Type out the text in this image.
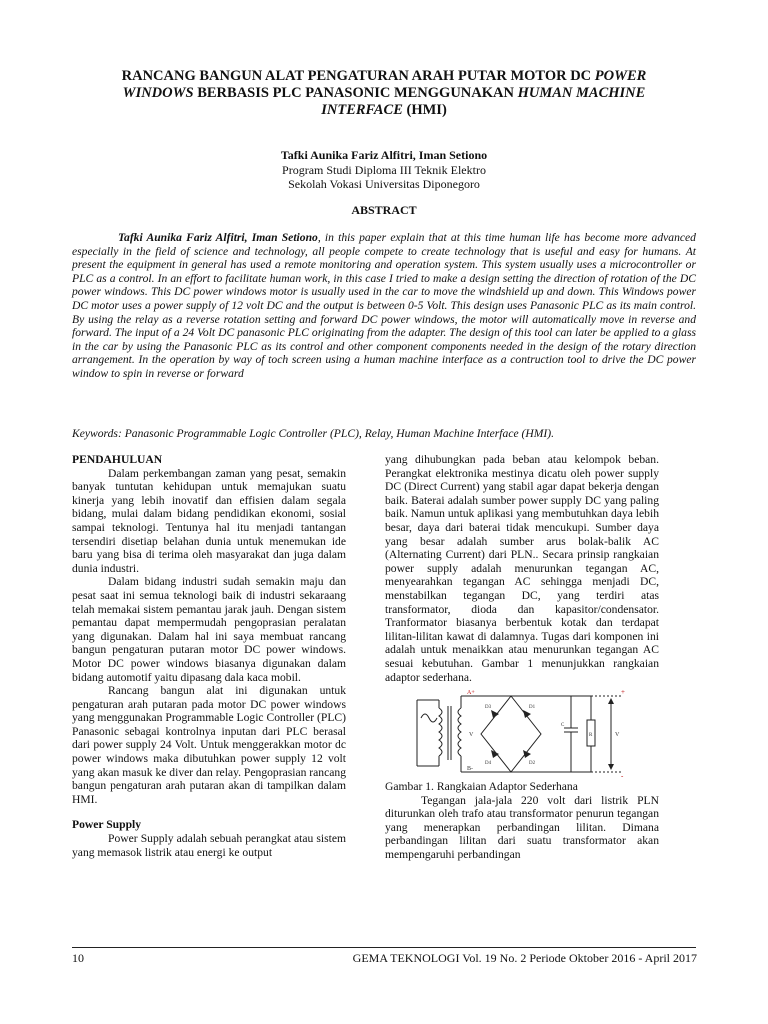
RANCANG BANGUN ALAT PENGATURAN ARAH PUTAR MOTOR DC POWER
WINDOWS BERBASIS PLC PANASONIC MENGGUNAKAN HUMAN MACHINE
INTERFACE (HMI)
Tafki Aunika Fariz Alfitri, Iman Setiono
Program Studi Diploma III Teknik Elektro
Sekolah Vokasi Universitas Diponegoro
ABSTRACT

Tafki Aunika Fariz Alfitri, Iman Setiono, in this paper explain that at this time human life has become more advanced especially in the field of science and technology, all people compete to create technology that is useful and easy for humans. At present the equipment in general has used a remote monitoring and operation system. This system usually uses a microcontroller or PLC as a control. In an effort to facilitate human work, in this case I tried to make a design setting the direction of rotation of the DC power windows. This DC power windows motor is usually used in the car to move the windshield up and down. This Windows power DC motor uses a power supply of 12 volt DC and the output is between 0-5 Volt. This design uses Panasonic PLC as its main control. By using the relay as a reverse rotation setting and forward DC power windows, the motor will automatically move in reverse and forward. The input of a 24 Volt DC panasonic PLC originating from the adapter. The design of this tool can later be applied to a glass in the car by using the Panasonic PLC as its control and other component components needed in the design of the rotary direction arrangement. In the operation by way of toch screen using a human machine interface as a contruction tool to drive the DC power window to spin in reverse or forward

Keywords: Panasonic Programmable Logic Controller (PLC), Relay, Human Machine Interface (HMI).

PENDAHULUAN

Dalam perkembangan zaman yang pesat, semakin banyak tuntutan kehidupan untuk memajukan suatu kinerja yang lebih inovatif dan effisien dalam segala bidang, mulai dalam bidang pendidikan ekonomi, sosial sampai teknologi. Tentunya hal itu menjadi tantangan tersendiri disetiap belahan dunia untuk menemukan ide baru yang bisa di terima oleh masyarakat dan juga dalam dunia industri.

Dalam bidang industri sudah semakin maju dan pesat saat ini semua teknologi baik di industri sekaraang telah memakai sistem pemantau jarak jauh. Dengan sistem pemantau dapat mempermudah pengoprasian peralatan yang digunakan. Dalam hal ini saya membuat rancang bangun pengaturan putaran motor DC power windows. Motor DC power windows biasanya digunakan dalam bidang automotif yaitu dipasang dala kaca mobil.

Rancang bangun alat ini digunakan untuk pengaturan arah putaran pada motor DC power windows yang menggunakan Programmable Logic Controller (PLC) Panasonic sebagai kontrolnya inputan dari PLC berasal dari power supply 24 Volt. Untuk menggerakkan motor dc power windows maka dibutuhkan power supply 12 volt yang akan masuk ke diver dan relay. Pengoprasian rancang bangun pengaturan arah putaran akan di tampilkan dalam HMI.

Power Supply

Power Supply adalah sebuah perangkat atau sistem yang memasok listrik atau energi ke output

yang dihubungkan pada beban atau kelompok beban. Perangkat elektronika mestinya dicatu oleh power supply DC (Direct Current) yang stabil agar dapat bekerja dengan baik. Baterai adalah sumber power supply DC yang paling baik. Namun untuk aplikasi yang membutuhkan daya lebih besar, daya dari baterai tidak mencukupi. Sumber daya yang besar adalah sumber arus bolak-balik AC (Alternating Current) dari PLN.. Secara prinsip rangkaian power supply adalah menurunkan tegangan AC, menyearahkan tegangan AC sehingga menjadi DC, menstabilkan tegangan DC, yang terdiri atas transformator, dioda dan kapasitor/condensator. Tranformator biasanya berbentuk kotak dan terdapat lilitan-lilitan kawat di dalamnya. Tugas dari komponen ini adalah untuk menaikkan atau menurunkan tegangan AC sesuai kebutuhan. Gambar 1 menunjukkan rangkaian adaptor sederhana.

A+
B-
V
D3	D1
D4	D2
C
R	V
+
-

Gambar 1. Rangkaian Adaptor Sederhana

Tegangan jala-jala 220 volt dari listrik PLN diturunkan oleh trafo atau transformator penurun tegangan yang menerapkan perbandingan lilitan. Dimana perbandingan lilitan dari suatu transformator akan mempengaruhi perbandingan

10	GEMA TEKNOLOGI Vol. 19 No. 2 Periode Oktober 2016 - April 2017
